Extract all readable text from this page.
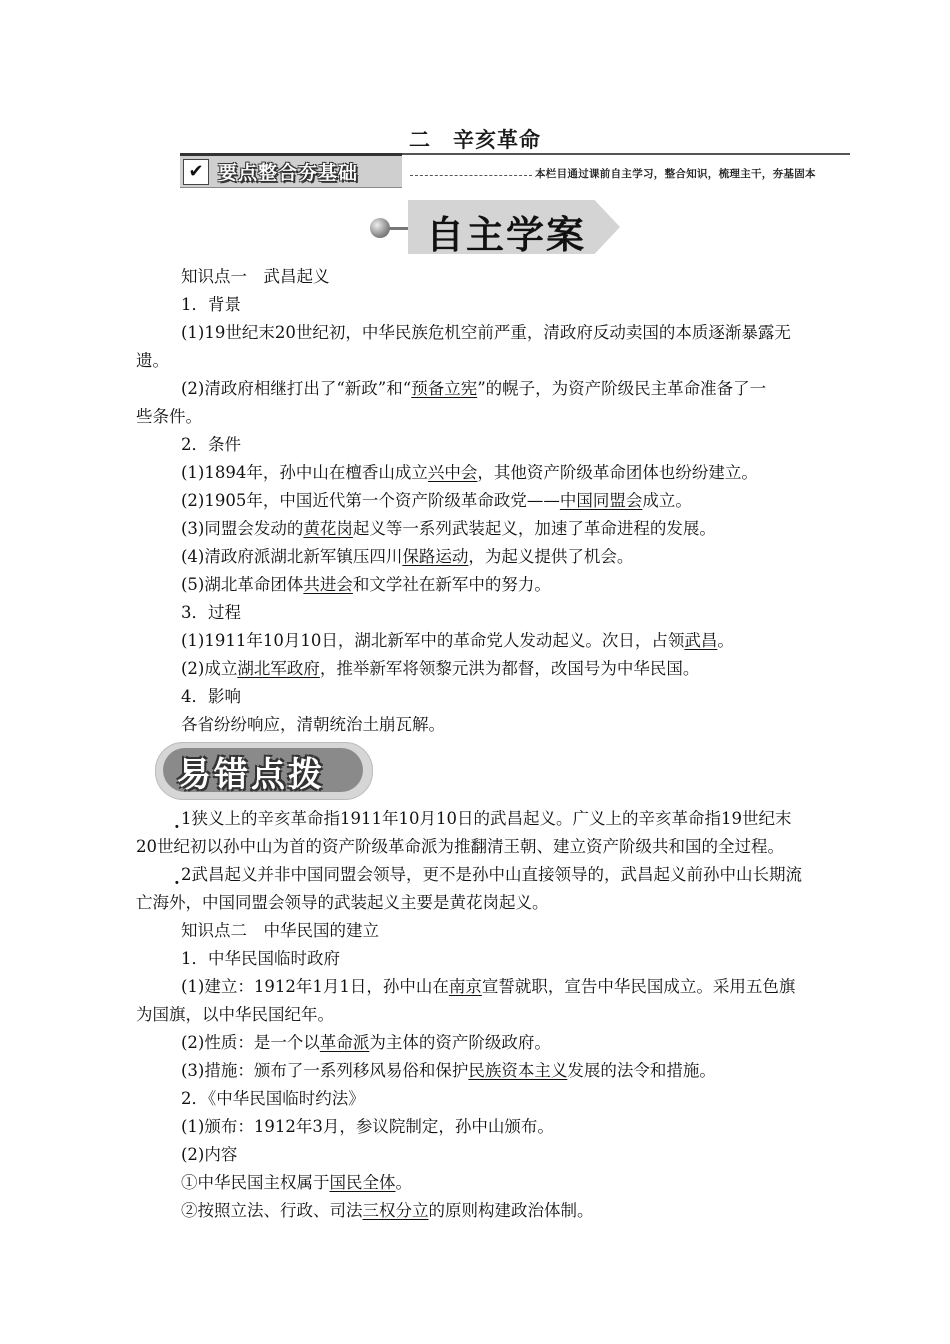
二　辛亥革命
✔ 要点整合夯基础	本栏目通过课前自主学习，整合知识，梳理主干，夯基固本
自主学案
易错点拨
知识点一　武昌起义
1．背景
(1)19世纪末20世纪初，中华民族危机空前严重，清政府反动卖国的本质逐渐暴露无
遗。
(2)清政府相继打出了“新政”和“预备立宪”的幌子，为资产阶级民主革命准备了一
些条件。
2．条件
(1)1894年，孙中山在檀香山成立兴中会，其他资产阶级革命团体也纷纷建立。
(2)1905年，中国近代第一个资产阶级革命政党——中国同盟会成立。
(3)同盟会发动的黄花岗起义等一系列武装起义，加速了革命进程的发展。
(4)清政府派湖北新军镇压四川保路运动，为起义提供了机会。
(5)湖北革命团体共进会和文学社在新军中的努力。
3．过程
(1)1911年10月10日，湖北新军中的革命党人发动起义。次日，占领武昌。
(2)成立湖北军政府，推举新军将领黎元洪为都督，改国号为中华民国。
4．影响
各省纷纷响应，清朝统治土崩瓦解。
. 1狭义上的辛亥革命指1911年10月10日的武昌起义。广义上的辛亥革命指19世纪末
20世纪初以孙中山为首的资产阶级革命派为推翻清王朝、建立资产阶级共和国的全过程。
. 2武昌起义并非中国同盟会领导，更不是孙中山直接领导的，武昌起义前孙中山长期流
亡海外，中国同盟会领导的武装起义主要是黄花岗起义。
知识点二　中华民国的建立
1．中华民国临时政府
(1)建立：1912年1月1日，孙中山在南京宣誓就职，宣告中华民国成立。采用五色旗
为国旗，以中华民国纪年。
(2)性质：是一个以革命派为主体的资产阶级政府。
(3)措施：颁布了一系列移风易俗和保护民族资本主义发展的法令和措施。
2．《中华民国临时约法》
(1)颁布：1912年3月，参议院制定，孙中山颁布。
(2)内容
①中华民国主权属于国民全体。
②按照立法、行政、司法三权分立的原则构建政治体制。
